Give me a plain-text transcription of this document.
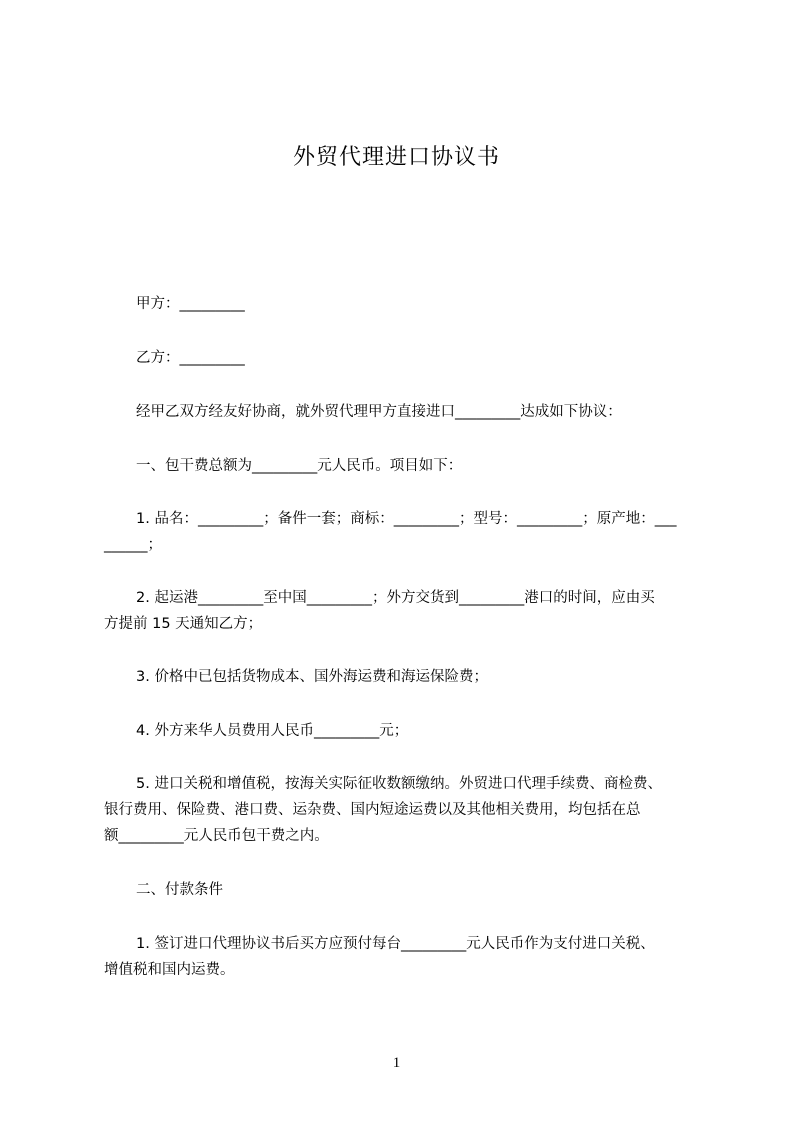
外贸代理进口协议书
甲方：_________
乙方：_________
经甲乙双方经友好协商，就外贸代理甲方直接进口_________达成如下协议：
一、包干费总额为_________元人民币。项目如下：
1. 品名：_________；备件一套；商标：_________；型号：_________；原产地：___
______；
2. 起运港_________至中国_________；外方交货到_________港口的时间，应由买
方提前 15 天通知乙方；
3. 价格中已包括货物成本、国外海运费和海运保险费；
4. 外方来华人员费用人民币_________元；
5. 进口关税和增值税，按海关实际征收数额缴纳。外贸进口代理手续费、商检费、
银行费用、保险费、港口费、运杂费、国内短途运费以及其他相关费用，均包括在总
额_________元人民币包干费之内。
二、付款条件
1. 签订进口代理协议书后买方应预付每台_________元人民币作为支付进口关税、
增值税和国内运费。
1
